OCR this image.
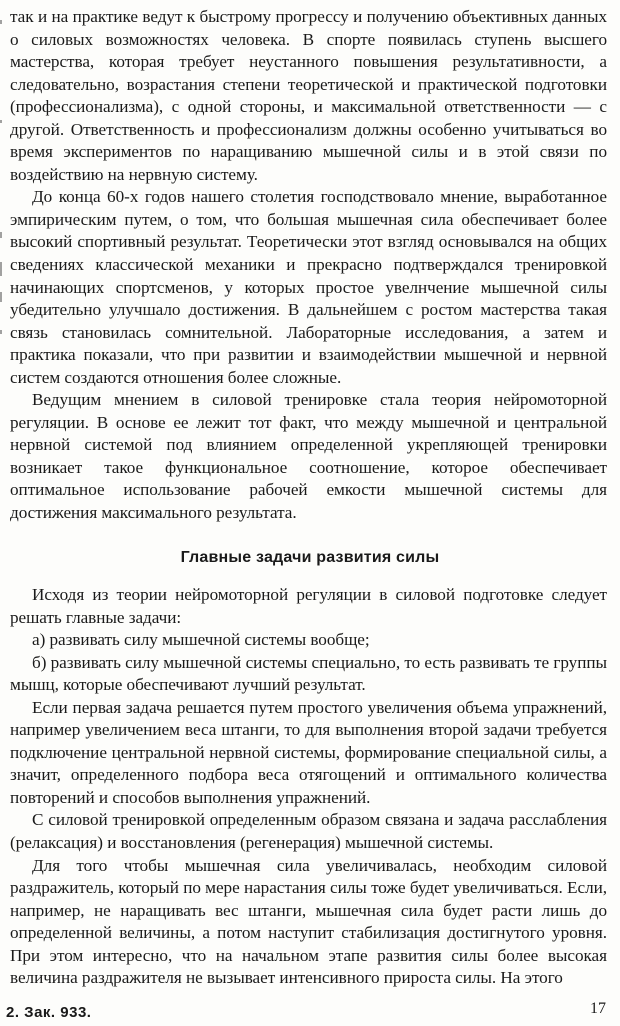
так и на практике ведут к быстрому прогрессу и получению объективных данных о силовых возможностях человека. В спорте появилась ступень высшего мастерства, которая требует неустанного повышения результативности, а следовательно, возрастания степени теоретической и практической подготовки (профессионализма), с одной стороны, и максимальной ответственности — с другой. Ответственность и профессионализм должны особенно учитываться во время экспериментов по наращиванию мышечной силы и в этой связи по воздействию на нервную систему.

До конца 60-х годов нашего столетия господствовало мнение, выработанное эмпирическим путем, о том, что большая мышечная сила обеспечивает более высокий спортивный результат. Теоретически этот взгляд основывался на общих сведениях классической механики и прекрасно подтверждался тренировкой начинающих спортсменов, у которых простое увелнчение мышечной силы убедительно улучшало достижения. В дальнейшем с ростом мастерства такая связь становилась сомнительной. Лабораторные исследования, а затем и практика показали, что при развитии и взаимодействии мышечной и нервной систем создаются отношения более сложные.

Ведущим мнением в силовой тренировке стала теория нейромоторной регуляции. В основе ее лежит тот факт, что между мышечной и центральной нервной системой под влиянием определенной укрепляющей тренировки возникает такое функциональное соотношение, которое обеспечивает оптимальное использование рабочей емкости мышечной системы для достижения максимального результата.

Главные задачи развития силы

Исходя из теории нейромоторной регуляции в силовой подготовке следует решать главные задачи:

а) развивать силу мышечной системы вообще;

б) развивать силу мышечной системы специально, то есть развивать те группы мышц, которые обеспечивают лучший результат.

Если первая задача решается путем простого увеличения объема упражнений, например увеличением веса штанги, то для выполнения второй задачи требуется подключение центральной нервной системы, формирование специальной силы, а значит, определенного подбора веса отягощений и оптимального количества повторений и способов выполнения упражнений.

С силовой тренировкой определенным образом связана и задача расслабления (релаксация) и восстановления (регенерация) мышечной системы.

Для того чтобы мышечная сила увеличивалась, необходим силовой раздражитель, который по мере нарастания силы тоже будет увеличиваться. Если, например, не наращивать вес штанги, мышечная сила будет расти лишь до определенной величины, а потом наступит стабилизация достигнутого уровня. При этом интересно, что на начальном этапе развития силы более высокая величина раздражителя не вызывает интенсивного прироста силы. На этого

2. Зак. 933.	17
